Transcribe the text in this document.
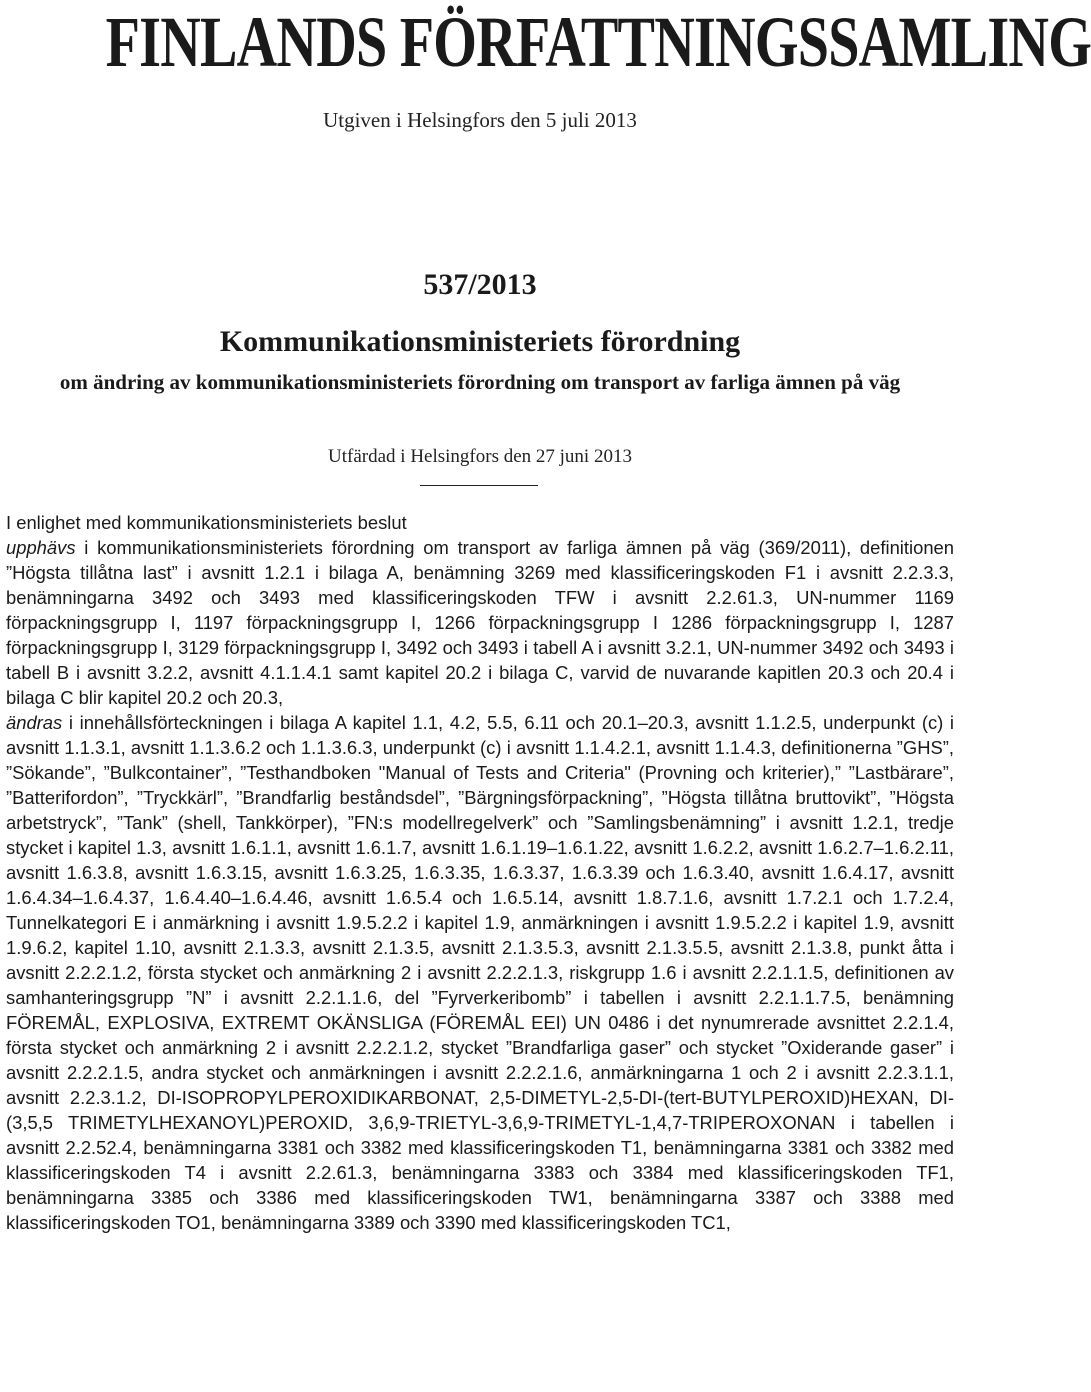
FINLANDS FÖRFATTNINGSSAMLING
Utgiven i Helsingfors den 5 juli 2013
537/2013
Kommunikationsministeriets förordning
om ändring av kommunikationsministeriets förordning om transport av farliga ämnen på väg
Utfärdad i Helsingfors den 27 juni 2013
I enlighet med kommunikationsministeriets beslut

upphävs i kommunikationsministeriets förordning om transport av farliga ämnen på väg (369/2011), definitionen ”Högsta tillåtna last” i avsnitt 1.2.1 i bilaga A, benämning 3269 med klassificeringskoden F1 i avsnitt 2.2.3.3, benämningarna 3492 och 3493 med klassificeringskoden TFW i avsnitt 2.2.61.3, UN-nummer 1169 förpackningsgrupp I, 1197 förpackningsgrupp I, 1266 förpackningsgrupp I 1286 förpackningsgrupp I, 1287 förpackningsgrupp I, 3129 förpackningsgrupp I, 3492 och 3493 i tabell A i avsnitt 3.2.1, UN-nummer 3492 och 3493 i tabell B i avsnitt 3.2.2, avsnitt 4.1.1.4.1 samt kapitel 20.2 i bilaga C, varvid de nuvarande kapitlen 20.3 och 20.4 i bilaga C blir kapitel 20.2 och 20.3,

ändras i innehållsförteckningen i bilaga A kapitel 1.1, 4.2, 5.5, 6.11 och 20.1–20.3, avsnitt 1.1.2.5, underpunkt (c) i avsnitt 1.1.3.1, avsnitt 1.1.3.6.2 och 1.1.3.6.3, underpunkt (c) i avsnitt 1.1.4.2.1, avsnitt 1.1.4.3, definitionerna ”GHS”, ”Sökande”, ”Bulkcontainer”, ”Testhandboken "Manual of Tests and Criteria" (Provning och kriterier),” ”Lastbärare”, ”Batterifordon”, ”Tryckkärl”, ”Brandfarlig beståndsdel”, ”Bärgningsförpackning”, ”Högsta tillåtna bruttovikt”, ”Högsta arbetstryck”, ”Tank” (shell, Tankkörper), ”FN:s modellregelverk” och ”Samlingsbenämning” i avsnitt 1.2.1, tredje stycket i kapitel 1.3, avsnitt 1.6.1.1, avsnitt 1.6.1.7, avsnitt 1.6.1.19–1.6.1.22, avsnitt 1.6.2.2, avsnitt 1.6.2.7–1.6.2.11, avsnitt 1.6.3.8, avsnitt 1.6.3.15, avsnitt 1.6.3.25, 1.6.3.35, 1.6.3.37, 1.6.3.39 och 1.6.3.40, avsnitt 1.6.4.17, avsnitt 1.6.4.34–1.6.4.37, 1.6.4.40–1.6.4.46, avsnitt 1.6.5.4 och 1.6.5.14, avsnitt 1.8.7.1.6, avsnitt 1.7.2.1 och 1.7.2.4, Tunnelkategori E i anmärkning i avsnitt 1.9.5.2.2 i kapitel 1.9, anmärkningen i avsnitt 1.9.5.2.2 i kapitel 1.9, avsnitt 1.9.6.2, kapitel 1.10, avsnitt 2.1.3.3, avsnitt 2.1.3.5, avsnitt 2.1.3.5.3, avsnitt 2.1.3.5.5, avsnitt 2.1.3.8, punkt åtta i avsnitt 2.2.2.1.2, första stycket och anmärkning 2 i avsnitt 2.2.2.1.3, riskgrupp 1.6 i avsnitt 2.2.1.1.5, definitionen av samhanteringsgrupp ”N” i avsnitt 2.2.1.1.6, del ”Fyrverkeribomb” i tabellen i avsnitt 2.2.1.1.7.5, benämning FÖREMÅL, EXPLOSIVA, EXTREMT OKÄNSLIGA (FÖREMÅL EEI) UN 0486 i det nynumrerade avsnittet 2.2.1.4, första stycket och anmärkning 2 i avsnitt 2.2.2.1.2, stycket ”Brandfarliga gaser” och stycket ”Oxiderande gaser” i avsnitt 2.2.2.1.5, andra stycket och anmärkningen i avsnitt 2.2.2.1.6, anmärkningarna 1 och 2 i avsnitt 2.2.3.1.1, avsnitt 2.2.3.1.2, DI-ISOPROPYLPEROXIDIKARBONAT, 2,5-DIMETYL-2,5-DI-(tert-BUTYLPEROXID)HEXAN, DI-(3,5,5 TRIMETYLHEXANOYL)PEROXID, 3,6,9-TRIETYL-3,6,9-TRIMETYL-1,4,7-TRIPEROXONAN i tabellen i avsnitt 2.2.52.4, benämningarna 3381 och 3382 med klassificeringskoden T1, benämningarna 3381 och 3382 med klassificeringskoden T4 i avsnitt 2.2.61.3, benämningarna 3383 och 3384 med klassificeringskoden TF1, benämningarna 3385 och 3386 med klassificeringskoden TW1, benämningarna 3387 och 3388 med klassificeringskoden TO1, benämningarna 3389 och 3390 med klassificeringskoden TC1,
